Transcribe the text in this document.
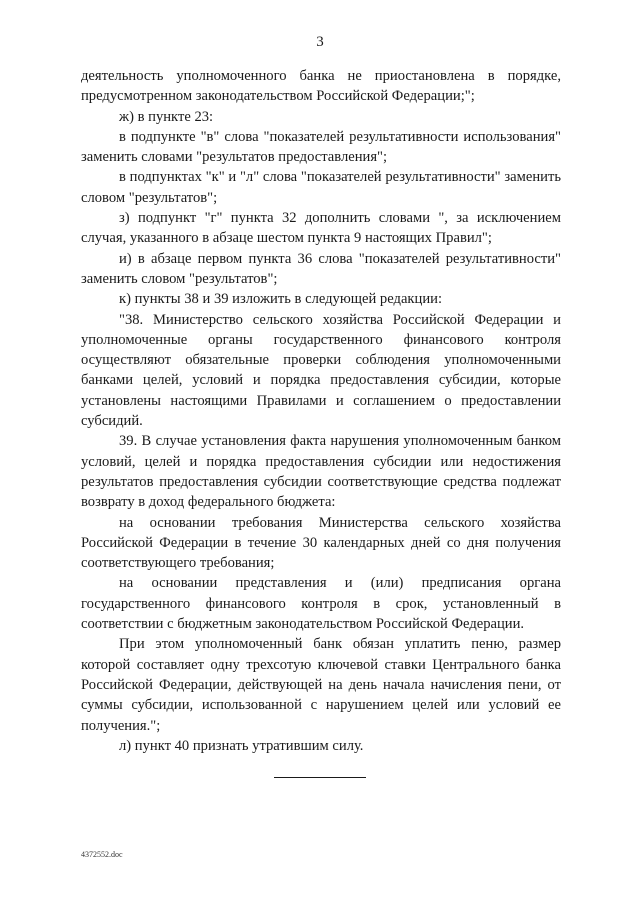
3

деятельность уполномоченного банка не приостановлена в порядке, предусмотренном законодательством Российской Федерации;";

ж) в пункте 23:

в подпункте "в" слова "показателей результативности использования" заменить словами "результатов предоставления";

в подпунктах "к" и "л" слова "показателей результативности" заменить словом "результатов";

з) подпункт "г" пункта 32 дополнить словами ", за исключением случая, указанного в абзаце шестом пункта 9 настоящих Правил";

и) в абзаце первом пункта 36 слова "показателей результативности" заменить словом "результатов";

к) пункты 38 и 39 изложить в следующей редакции:

"38. Министерство сельского хозяйства Российской Федерации и уполномоченные органы государственного финансового контроля осуществляют обязательные проверки соблюдения уполномоченными банками целей, условий и порядка предоставления субсидии, которые установлены настоящими Правилами и соглашением о предоставлении субсидий.

39. В случае установления факта нарушения уполномоченным банком условий, целей и порядка предоставления субсидии или недостижения результатов предоставления субсидии соответствующие средства подлежат возврату в доход федерального бюджета:

на основании требования Министерства сельского хозяйства Российской Федерации в течение 30 календарных дней со дня получения соответствующего требования;

на основании представления и (или) предписания органа государственного финансового контроля в срок, установленный в соответствии с бюджетным законодательством Российской Федерации.

При этом уполномоченный банк обязан уплатить пеню, размер которой составляет одну трехсотую ключевой ставки Центрального банка Российской Федерации, действующей на день начала начисления пени, от суммы субсидии, использованной с нарушением целей или условий ее получения.";

л) пункт 40 признать утратившим силу.

4372552.doc
